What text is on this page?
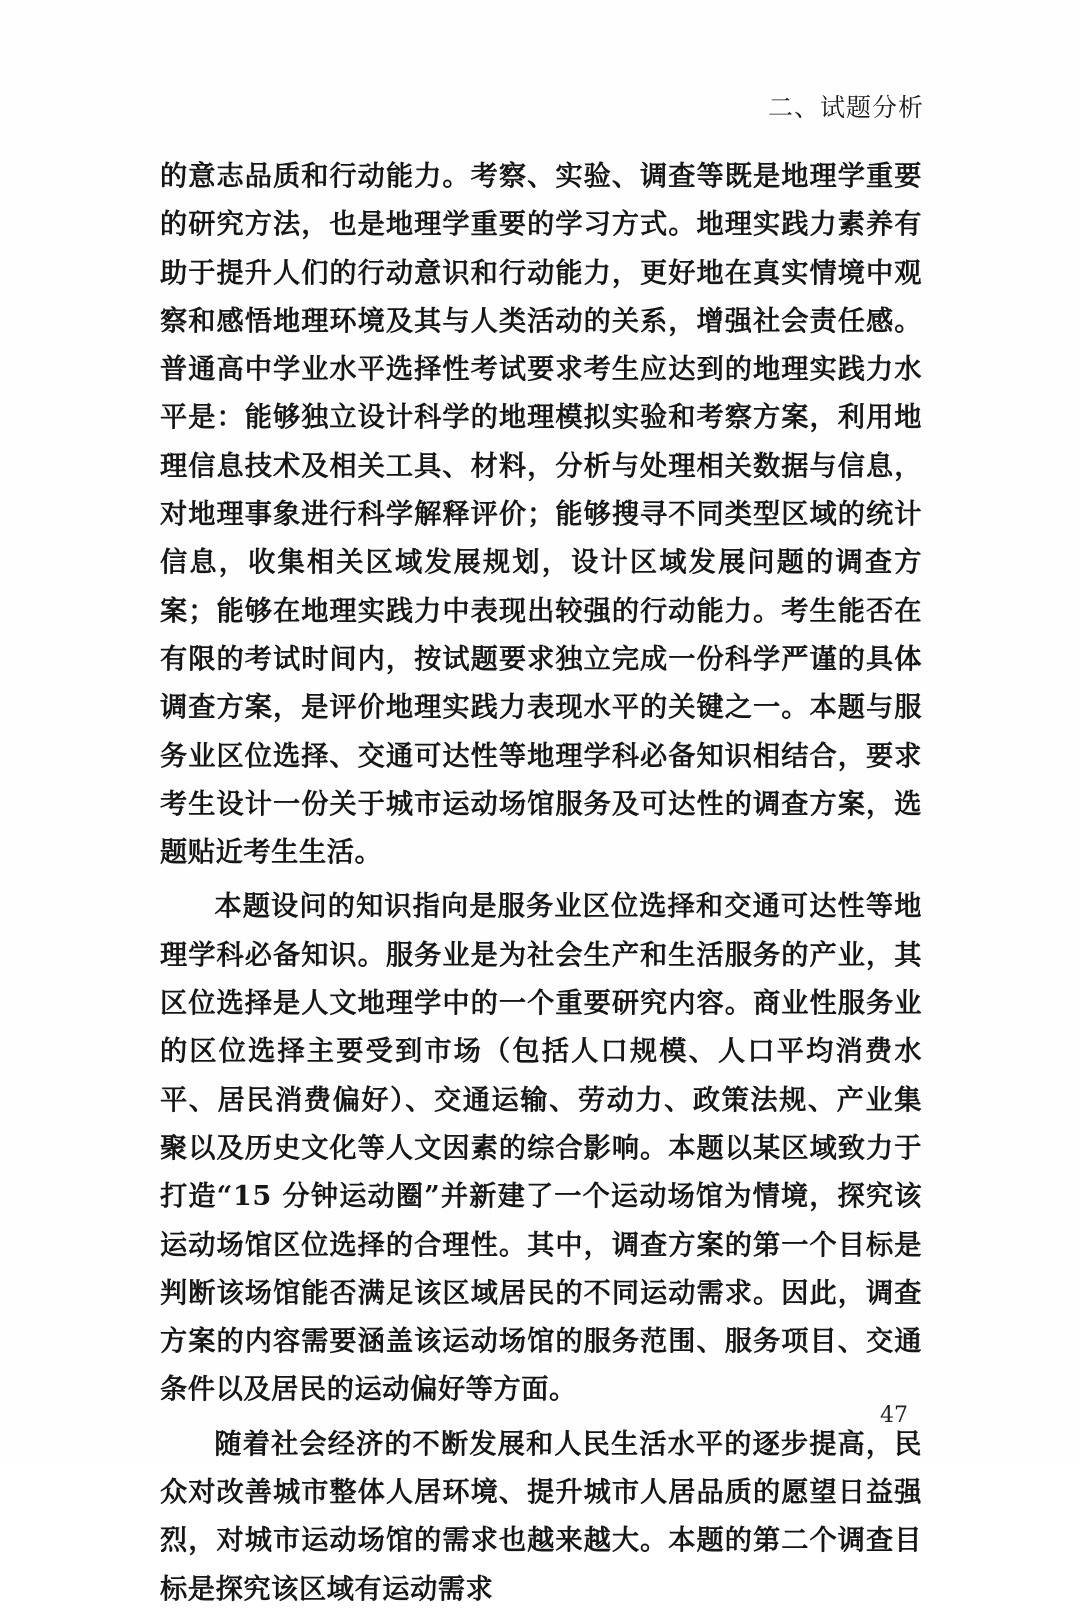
二、试题分析

的意志品质和行动能力。考察、实验、调查等既是地理学重要的研究方法，也是地理学重要的学习方式。地理实践力素养有助于提升人们的行动意识和行动能力，更好地在真实情境中观察和感悟地理环境及其与人类活动的关系，增强社会责任感。普通高中学业水平选择性考试要求考生应达到的地理实践力水平是：能够独立设计科学的地理模拟实验和考察方案，利用地理信息技术及相关工具、材料，分析与处理相关数据与信息，对地理事象进行科学解释评价；能够搜寻不同类型区域的统计信息，收集相关区域发展规划，设计区域发展问题的调查方案；能够在地理实践力中表现出较强的行动能力。考生能否在有限的考试时间内，按试题要求独立完成一份科学严谨的具体调查方案，是评价地理实践力表现水平的关键之一。本题与服务业区位选择、交通可达性等地理学科必备知识相结合，要求考生设计一份关于城市运动场馆服务及可达性的调查方案，选题贴近考生生活。

本题设问的知识指向是服务业区位选择和交通可达性等地理学科必备知识。服务业是为社会生产和生活服务的产业，其区位选择是人文地理学中的一个重要研究内容。商业性服务业的区位选择主要受到市场（包括人口规模、人口平均消费水平、居民消费偏好）、交通运输、劳动力、政策法规、产业集聚以及历史文化等人文因素的综合影响。本题以某区域致力于打造“15 分钟运动圈”并新建了一个运动场馆为情境，探究该运动场馆区位选择的合理性。其中，调查方案的第一个目标是判断该场馆能否满足该区域居民的不同运动需求。因此，调查方案的内容需要涵盖该运动场馆的服务范围、服务项目、交通条件以及居民的运动偏好等方面。

随着社会经济的不断发展和人民生活水平的逐步提高，民众对改善城市整体人居环境、提升城市人居品质的愿望日益强烈，对城市运动场馆的需求也越来越大。本题的第二个调查目标是探究该区域有运动需求

47
